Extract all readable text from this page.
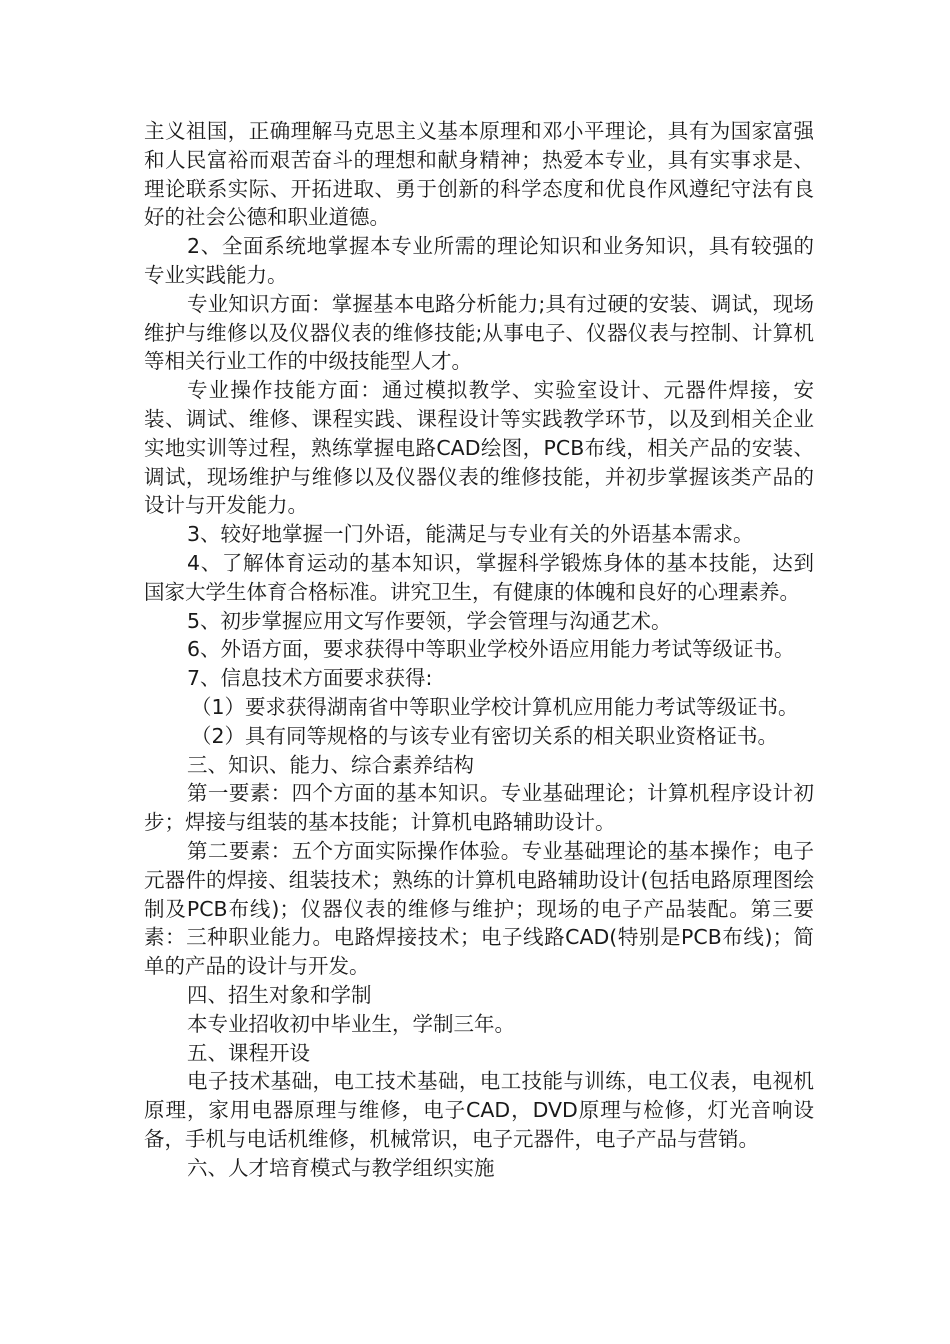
主义祖国，正确理解马克思主义基本原理和邓小平理论，具有为国家富强和人民富裕而艰苦奋斗的理想和献身精神；热爱本专业，具有实事求是、理论联系实际、开拓进取、勇于创新的科学态度和优良作风遵纪守法有良好的社会公德和职业道德。

2、全面系统地掌握本专业所需的理论知识和业务知识，具有较强的专业实践能力。

专业知识方面：掌握基本电路分析能力;具有过硬的安装、调试，现场维护与维修以及仪器仪表的维修技能;从事电子、仪器仪表与控制、计算机等相关行业工作的中级技能型人才。

专业操作技能方面：通过模拟教学、实验室设计、元器件焊接，安装、调试、维修、课程实践、课程设计等实践教学环节，以及到相关企业实地实训等过程，熟练掌握电路CAD绘图，PCB布线，相关产品的安装、调试，现场维护与维修以及仪器仪表的维修技能，并初步掌握该类产品的设计与开发能力。

3、较好地掌握一门外语，能满足与专业有关的外语基本需求。

4、了解体育运动的基本知识，掌握科学锻炼身体的基本技能，达到国家大学生体育合格标准。讲究卫生，有健康的体魄和良好的心理素养。

5、初步掌握应用文写作要领，学会管理与沟通艺术。

6、外语方面，要求获得中等职业学校外语应用能力考试等级证书。

7、信息技术方面要求获得:

（1）要求获得湖南省中等职业学校计算机应用能力考试等级证书。

（2）具有同等规格的与该专业有密切关系的相关职业资格证书。

三、知识、能力、综合素养结构

第一要素：四个方面的基本知识。专业基础理论；计算机程序设计初步；焊接与组装的基本技能；计算机电路辅助设计。

第二要素：五个方面实际操作体验。专业基础理论的基本操作；电子元器件的焊接、组装技术；熟练的计算机电路辅助设计(包括电路原理图绘制及PCB布线)；仪器仪表的维修与维护；现场的电子产品装配。第三要素：三种职业能力。电路焊接技术；电子线路CAD(特别是PCB布线)；简单的产品的设计与开发。

四、招生对象和学制

本专业招收初中毕业生，学制三年。

五、课程开设

电子技术基础，电工技术基础，电工技能与训练，电工仪表，电视机原理，家用电器原理与维修，电子CAD，DVD原理与检修，灯光音响设备，手机与电话机维修，机械常识，电子元器件，电子产品与营销。

六、人才培育模式与教学组织实施
